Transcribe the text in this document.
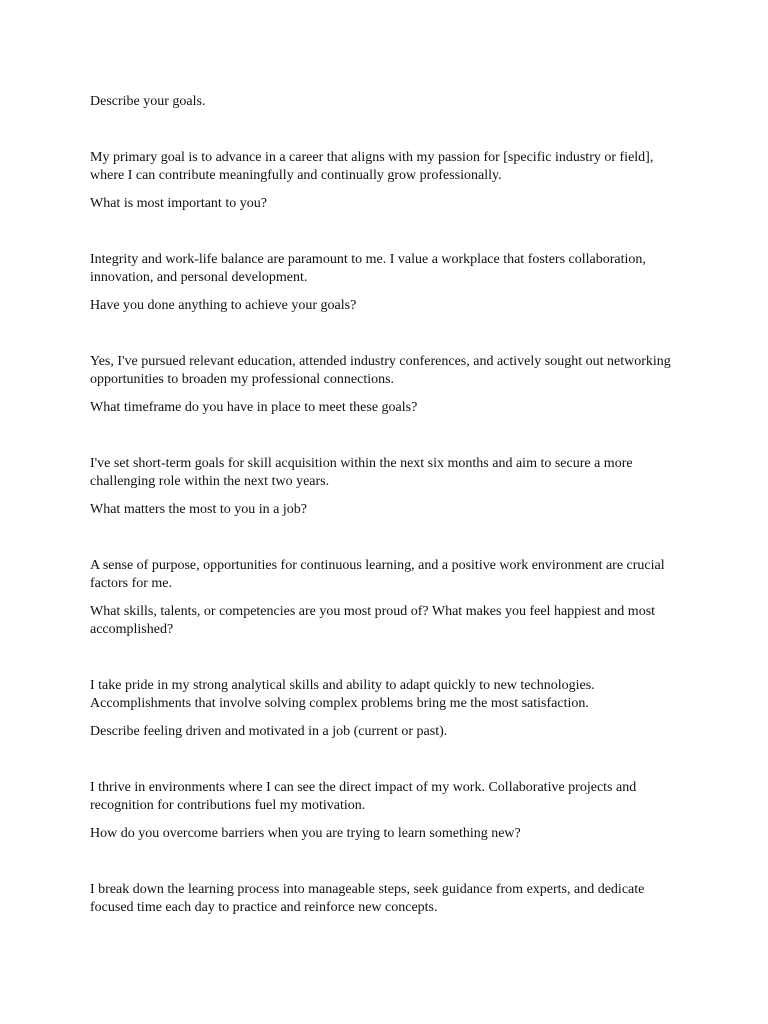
Describe your goals.

My primary goal is to advance in a career that aligns with my passion for [specific industry or field], where I can contribute meaningfully and continually grow professionally.

What is most important to you?

Integrity and work-life balance are paramount to me. I value a workplace that fosters collaboration, innovation, and personal development.

Have you done anything to achieve your goals?

Yes, I've pursued relevant education, attended industry conferences, and actively sought out networking opportunities to broaden my professional connections.

What timeframe do you have in place to meet these goals?

I've set short-term goals for skill acquisition within the next six months and aim to secure a more challenging role within the next two years.

What matters the most to you in a job?

A sense of purpose, opportunities for continuous learning, and a positive work environment are crucial factors for me.

What skills, talents, or competencies are you most proud of? What makes you feel happiest and most accomplished?

I take pride in my strong analytical skills and ability to adapt quickly to new technologies. Accomplishments that involve solving complex problems bring me the most satisfaction.

Describe feeling driven and motivated in a job (current or past).

I thrive in environments where I can see the direct impact of my work. Collaborative projects and recognition for contributions fuel my motivation.

How do you overcome barriers when you are trying to learn something new?

I break down the learning process into manageable steps, seek guidance from experts, and dedicate focused time each day to practice and reinforce new concepts.
